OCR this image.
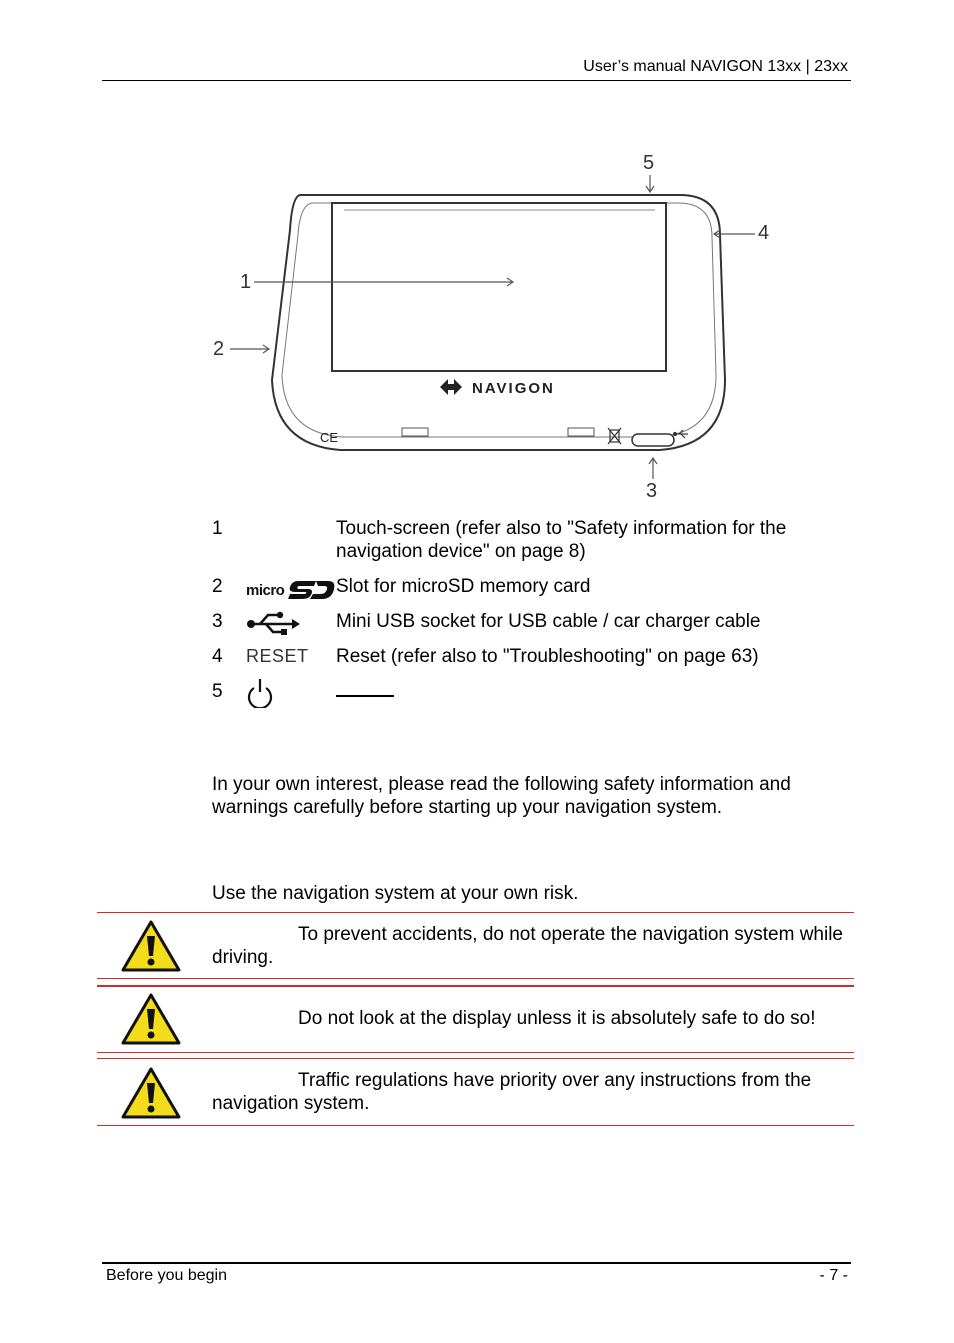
User’s manual NAVIGON 13xx | 23xx
NAVIGON
CE
5
4
1
2
3
1	Touch-screen (refer also to "Safety information for the navigation device" on page 8)
2 micro	Slot for microSD memory card
3	Mini USB socket for USB cable / car charger cable
4 RESET	Reset (refer also to "Troubleshooting" on page 63)
5
In your own interest, please read the following safety information and warnings carefully before starting up your navigation system.
Use the navigation system at your own risk.
To prevent accidents, do not operate the navigation system while driving.
Do not look at the display unless it is absolutely safe to do so!
Traffic regulations have priority over any instructions from the navigation system.
Before you begin	- 7 -
